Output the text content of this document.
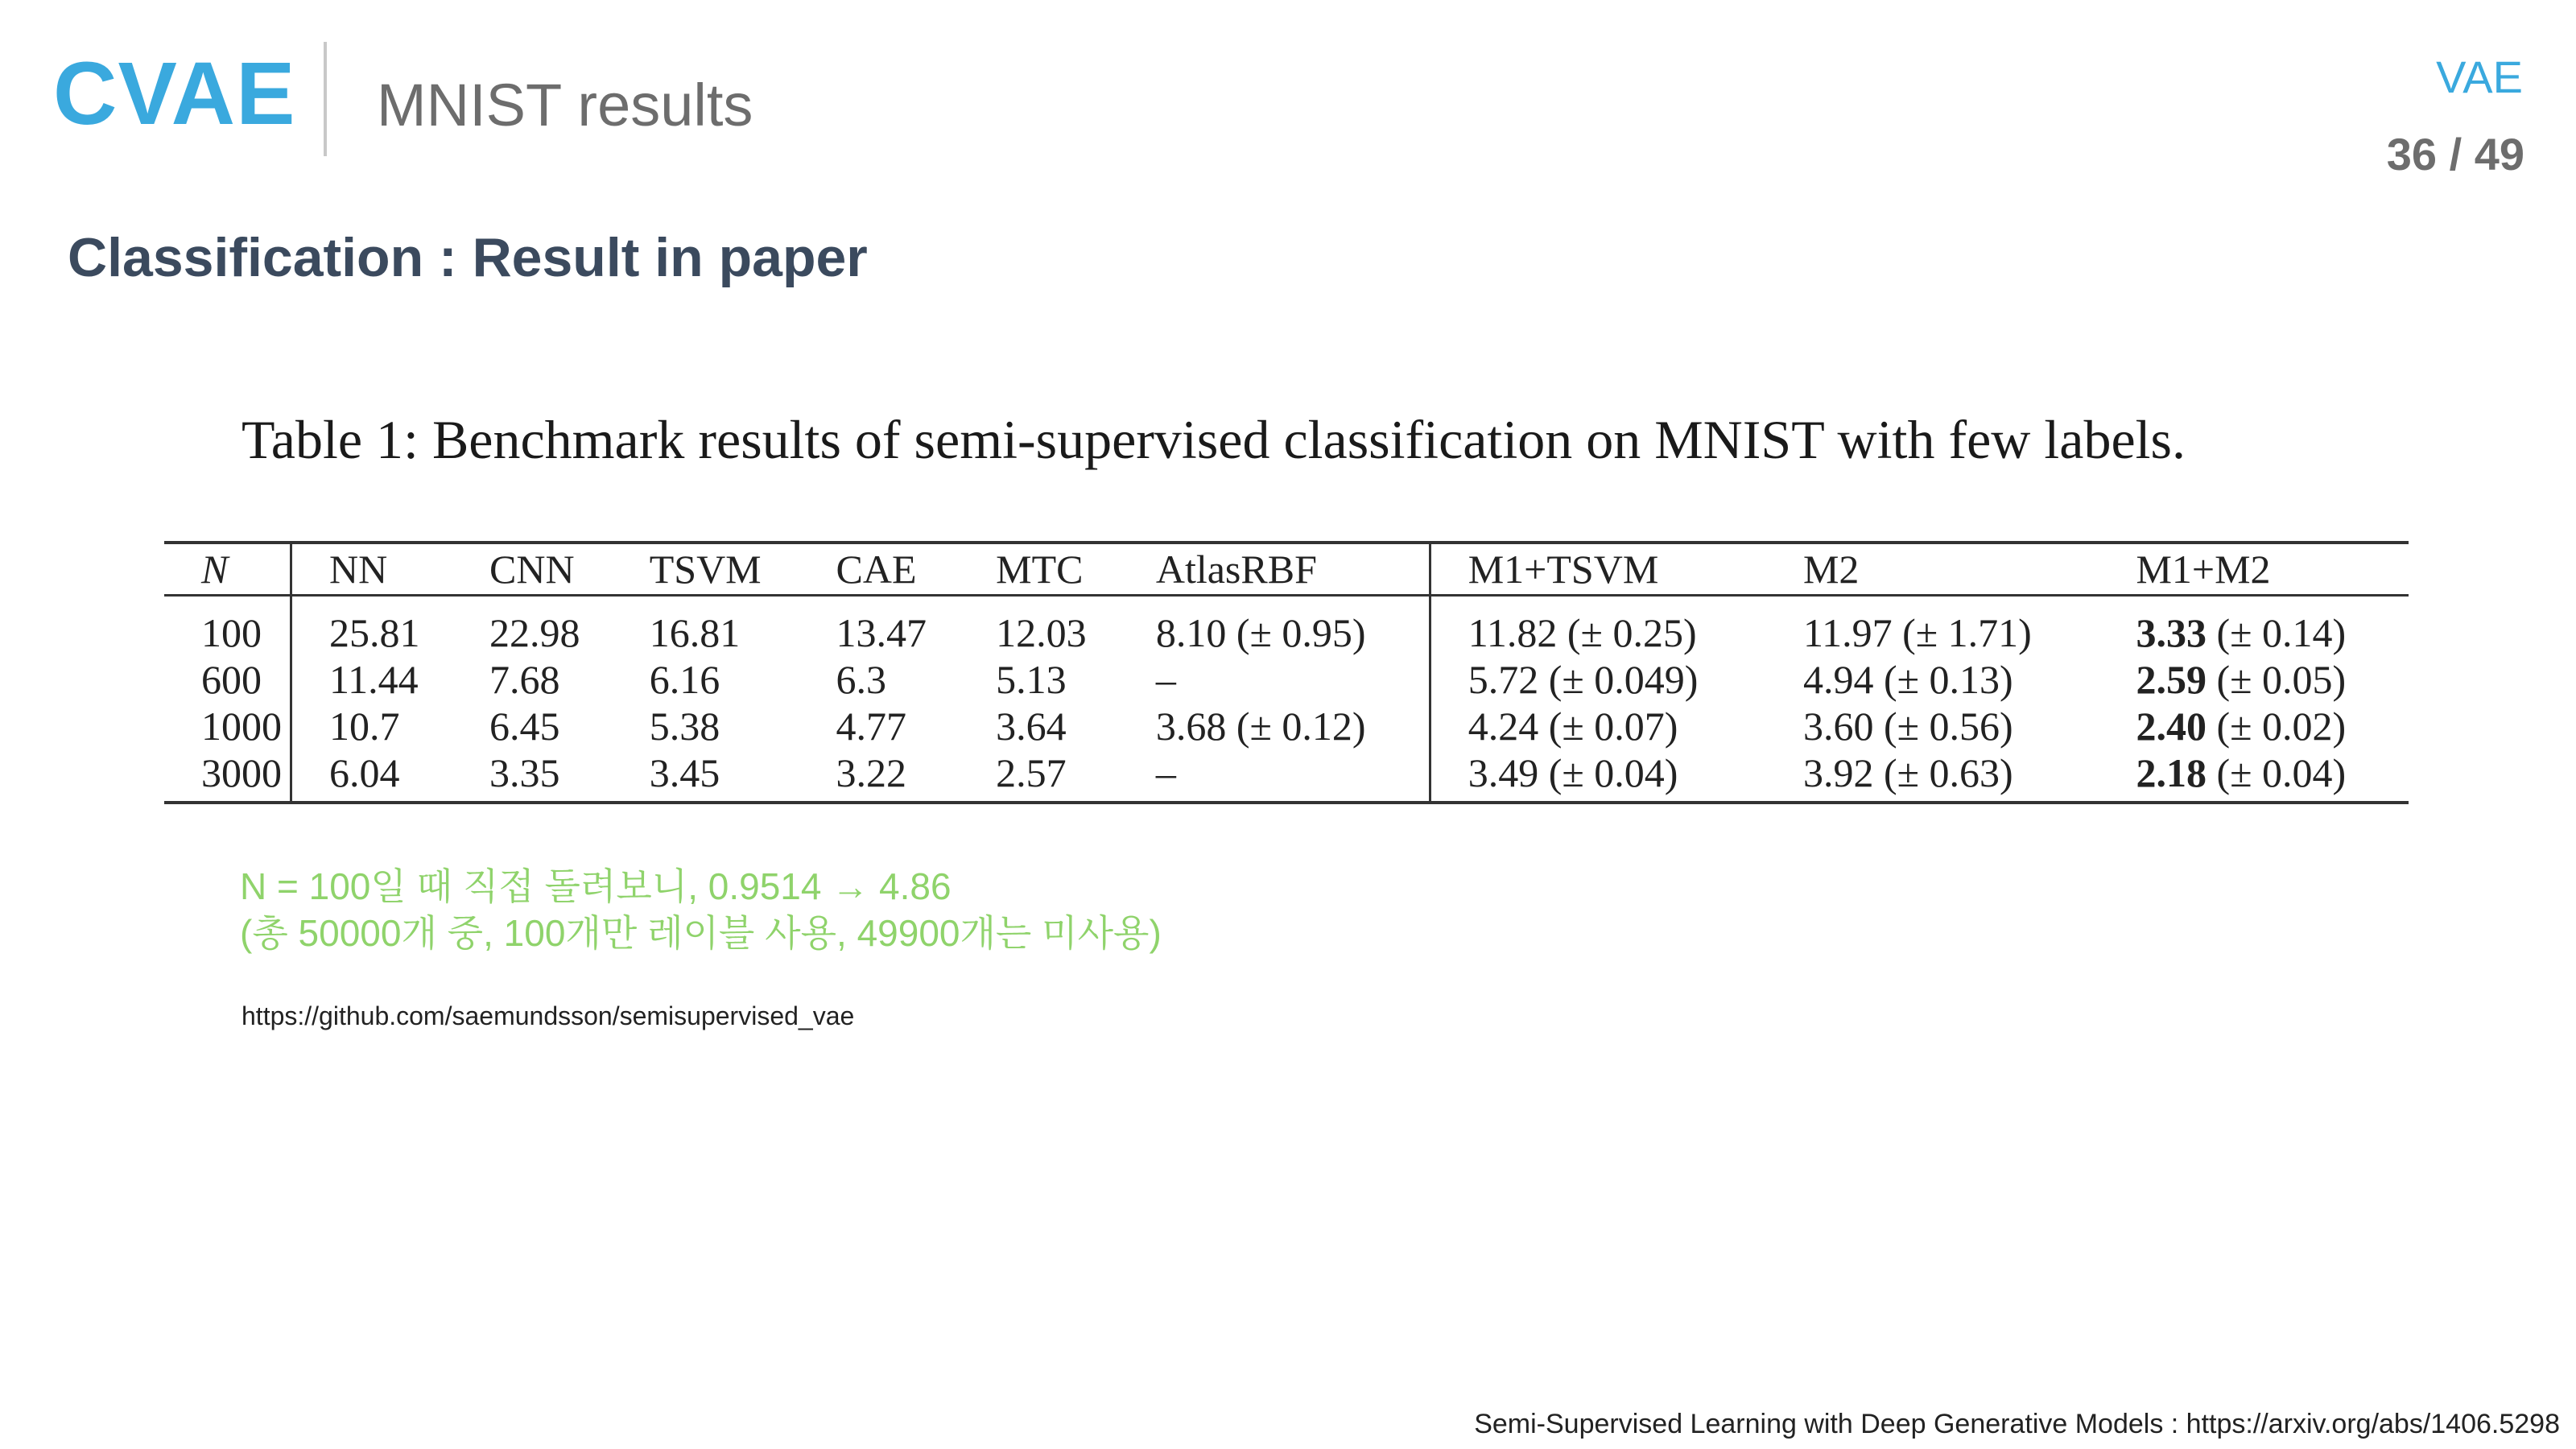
CVAE MNIST results	VAE
36 / 49
Classification : Result in paper
Table 1: Benchmark results of semi-supervised classification on MNIST with few labels.
N	NN	CNN	TSVM	CAE	MTC	AtlasRBF	M1+TSVM	M2	M1+M2
100	25.81	22.98	16.81	13.47	12.03	8.10 (± 0.95)	11.82 (± 0.25)	11.97 (± 1.71)	3.33 (± 0.14)
600	11.44	7.68	6.16	6.3	5.13	–	5.72 (± 0.049)	4.94 (± 0.13)	2.59 (± 0.05)
1000	10.7	6.45	5.38	4.77	3.64	3.68 (± 0.12)	4.24 (± 0.07)	3.60 (± 0.56)	2.40 (± 0.02)
3000	6.04	3.35	3.45	3.22	2.57	–	3.49 (± 0.04)	3.92 (± 0.63)	2.18 (± 0.04)
N = 100일 때 직접 돌려보니, 0.9514 → 4.86
(총 50000개 중, 100개만 레이블 사용, 49900개는 미사용)
https://github.com/saemundsson/semisupervised_vae
Semi-Supervised Learning with Deep Generative Models : https://arxiv.org/abs/1406.5298
